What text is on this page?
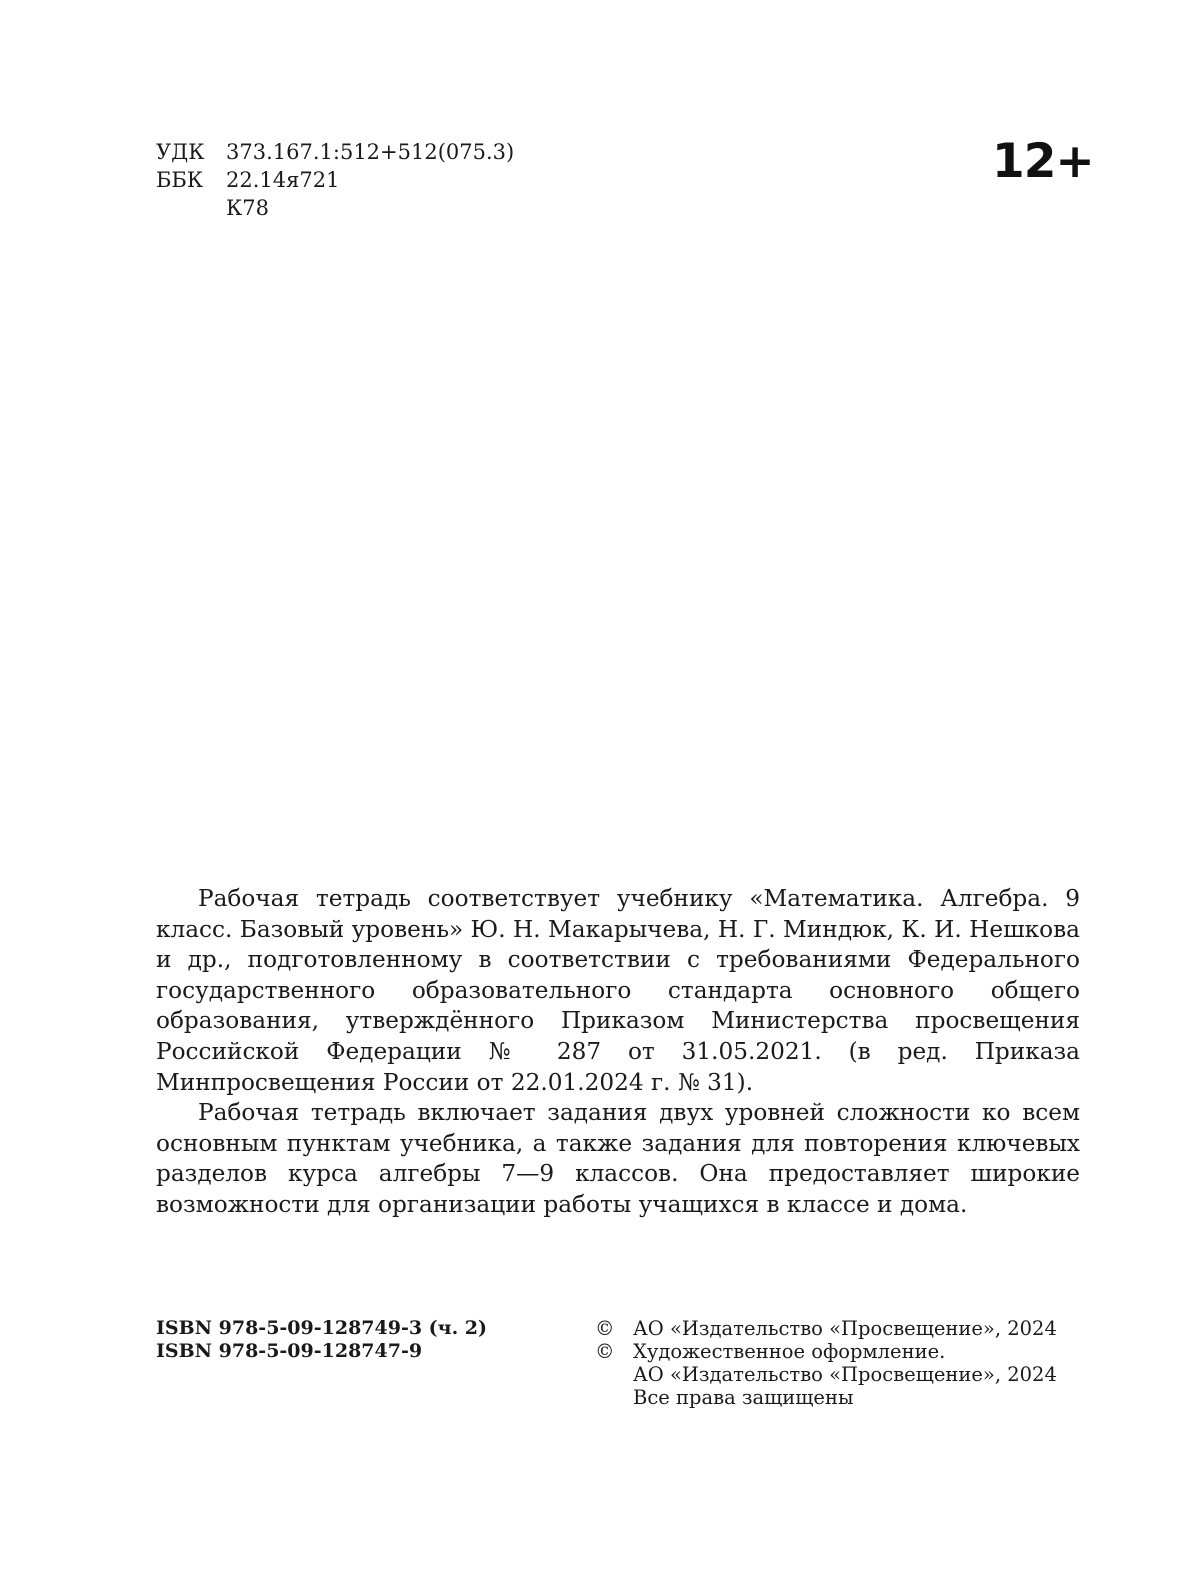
УДК	373.167.1:512+512(075.3)
ББК	22.14я721
К78
12+

Рабочая тетрадь соответствует учебнику «Математика. Алгебра. 9 класс. Базовый уровень» Ю. Н. Макарычева, Н. Г. Миндюк, К. И. Нешкова и др., подготовленному в соответствии с требованиями Федерального государственного образовательного стандарта основного общего образования, утверждённого Приказом Министерства просвещения Российской Федерации № 287 от 31.05.2021. (в ред. Приказа Минпросвещения России от 22.01.2024 г. № 31).

Рабочая тетрадь включает задания двух уровней сложности ко всем основным пунктам учебника, а также задания для повторения ключевых разделов курса алгебры 7—9 классов. Она предоставляет широкие возможности для организации работы учащихся в классе и дома.

ISBN 978-5-09-128749-3 (ч. 2)
ISBN 978-5-09-128747-9
© АО «Издательство «Просвещение», 2024
© Художественное оформление.
АО «Издательство «Просвещение», 2024
Все права защищены
